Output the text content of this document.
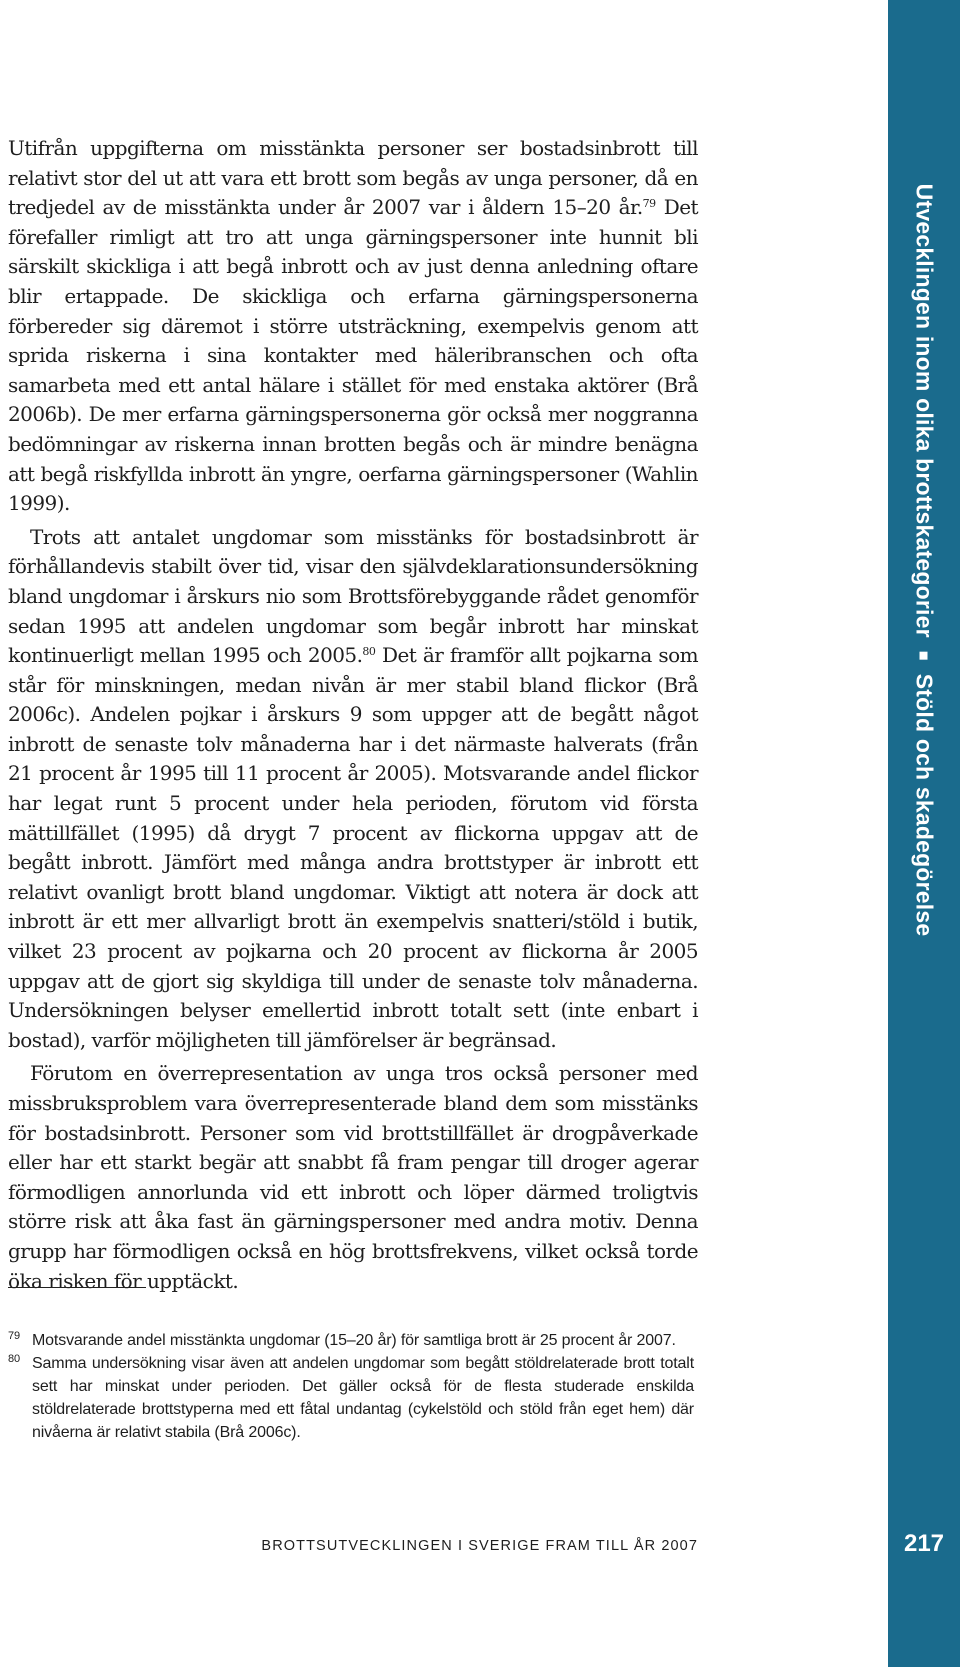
Utifrån uppgifterna om misstänkta personer ser bostadsinbrott till relativt stor del ut att vara ett brott som begås av unga personer, då en tredjedel av de misstänkta under år 2007 var i åldern 15–20 år.$^{79}$ Det förefaller rimligt att tro att unga gärningspersoner inte hunnit bli särskilt skickliga i att begå inbrott och av just denna anledning oftare blir ertappade. De skickliga och erfarna gärningspersonerna förbereder sig däremot i större utsträckning, exempelvis genom att sprida riskerna i sina kontakter med häleribranschen och ofta samarbeta med ett antal hälare i stället för med enstaka aktörer (Brå 2006b). De mer erfarna gärningspersonerna gör också mer noggranna bedömningar av riskerna innan brotten begås och är mindre benägna att begå riskfyllda inbrott än yngre, oerfarna gärningspersoner (Wahlin 1999).

Trots att antalet ungdomar som misstänks för bostadsinbrott är förhållandevis stabilt över tid, visar den självdeklarationsundersökning bland ungdomar i årskurs nio som Brottsförebyggande rådet genomför sedan 1995 att andelen ungdomar som begår inbrott har minskat kontinuerligt mellan 1995 och 2005.80 Det är framför allt pojkarna som står för minskningen, medan nivån är mer stabil bland flickor (Brå 2006c). Andelen pojkar i årskurs 9 som uppger att de begått något inbrott de senaste tolv månaderna har i det närmaste halverats (från 21 procent år 1995 till 11 procent år 2005). Motsvarande andel flickor har legat runt 5 procent under hela perioden, förutom vid första mättillfället (1995) då drygt 7 procent av flickorna uppgav att de begått inbrott. Jämfört med många andra brottstyper är inbrott ett relativt ovanligt brott bland ungdomar. Viktigt att notera är dock att inbrott är ett mer allvarligt brott än exempelvis snatteri/stöld i butik, vilket 23 procent av pojkarna och 20 procent av flickorna år 2005 uppgav att de gjort sig skyldiga till under de senaste tolv månaderna. Undersökningen belyser emellertid inbrott totalt sett (inte enbart i bostad), varför möjligheten till jämförelser är begränsad.

Förutom en överrepresentation av unga tros också personer med missbruksproblem vara överrepresenterade bland dem som misstänks för bostadsinbrott. Personer som vid brottstillfället är drogpåverkade eller har ett starkt begär att snabbt få fram pengar till droger agerar förmodligen annorlunda vid ett inbrott och löper därmed troligtvis större risk att åka fast än gärningspersoner med andra motiv. Denna grupp har förmodligen också en hög brottsfrekvens, vilket också torde öka risken för upptäckt.

79 Motsvarande andel misstänkta ungdomar (15–20 år) för samtliga brott är 25 procent år 2007.

80 Samma undersökning visar även att andelen ungdomar som begått stöldrelaterade brott totalt sett har minskat under perioden. Det gäller också för de flesta studerade enskilda stöldrelaterade brottstyperna med ett fåtal undantag (cykelstöld och stöld från eget hem) där nivåerna är relativt stabila (Brå 2006c).

BROTTSUTVECKLINGEN I SVERIGE FRAM TILL ÅR 2007
Utvecklingen inom olika brottskategorierStöld och skadegörelse
217
